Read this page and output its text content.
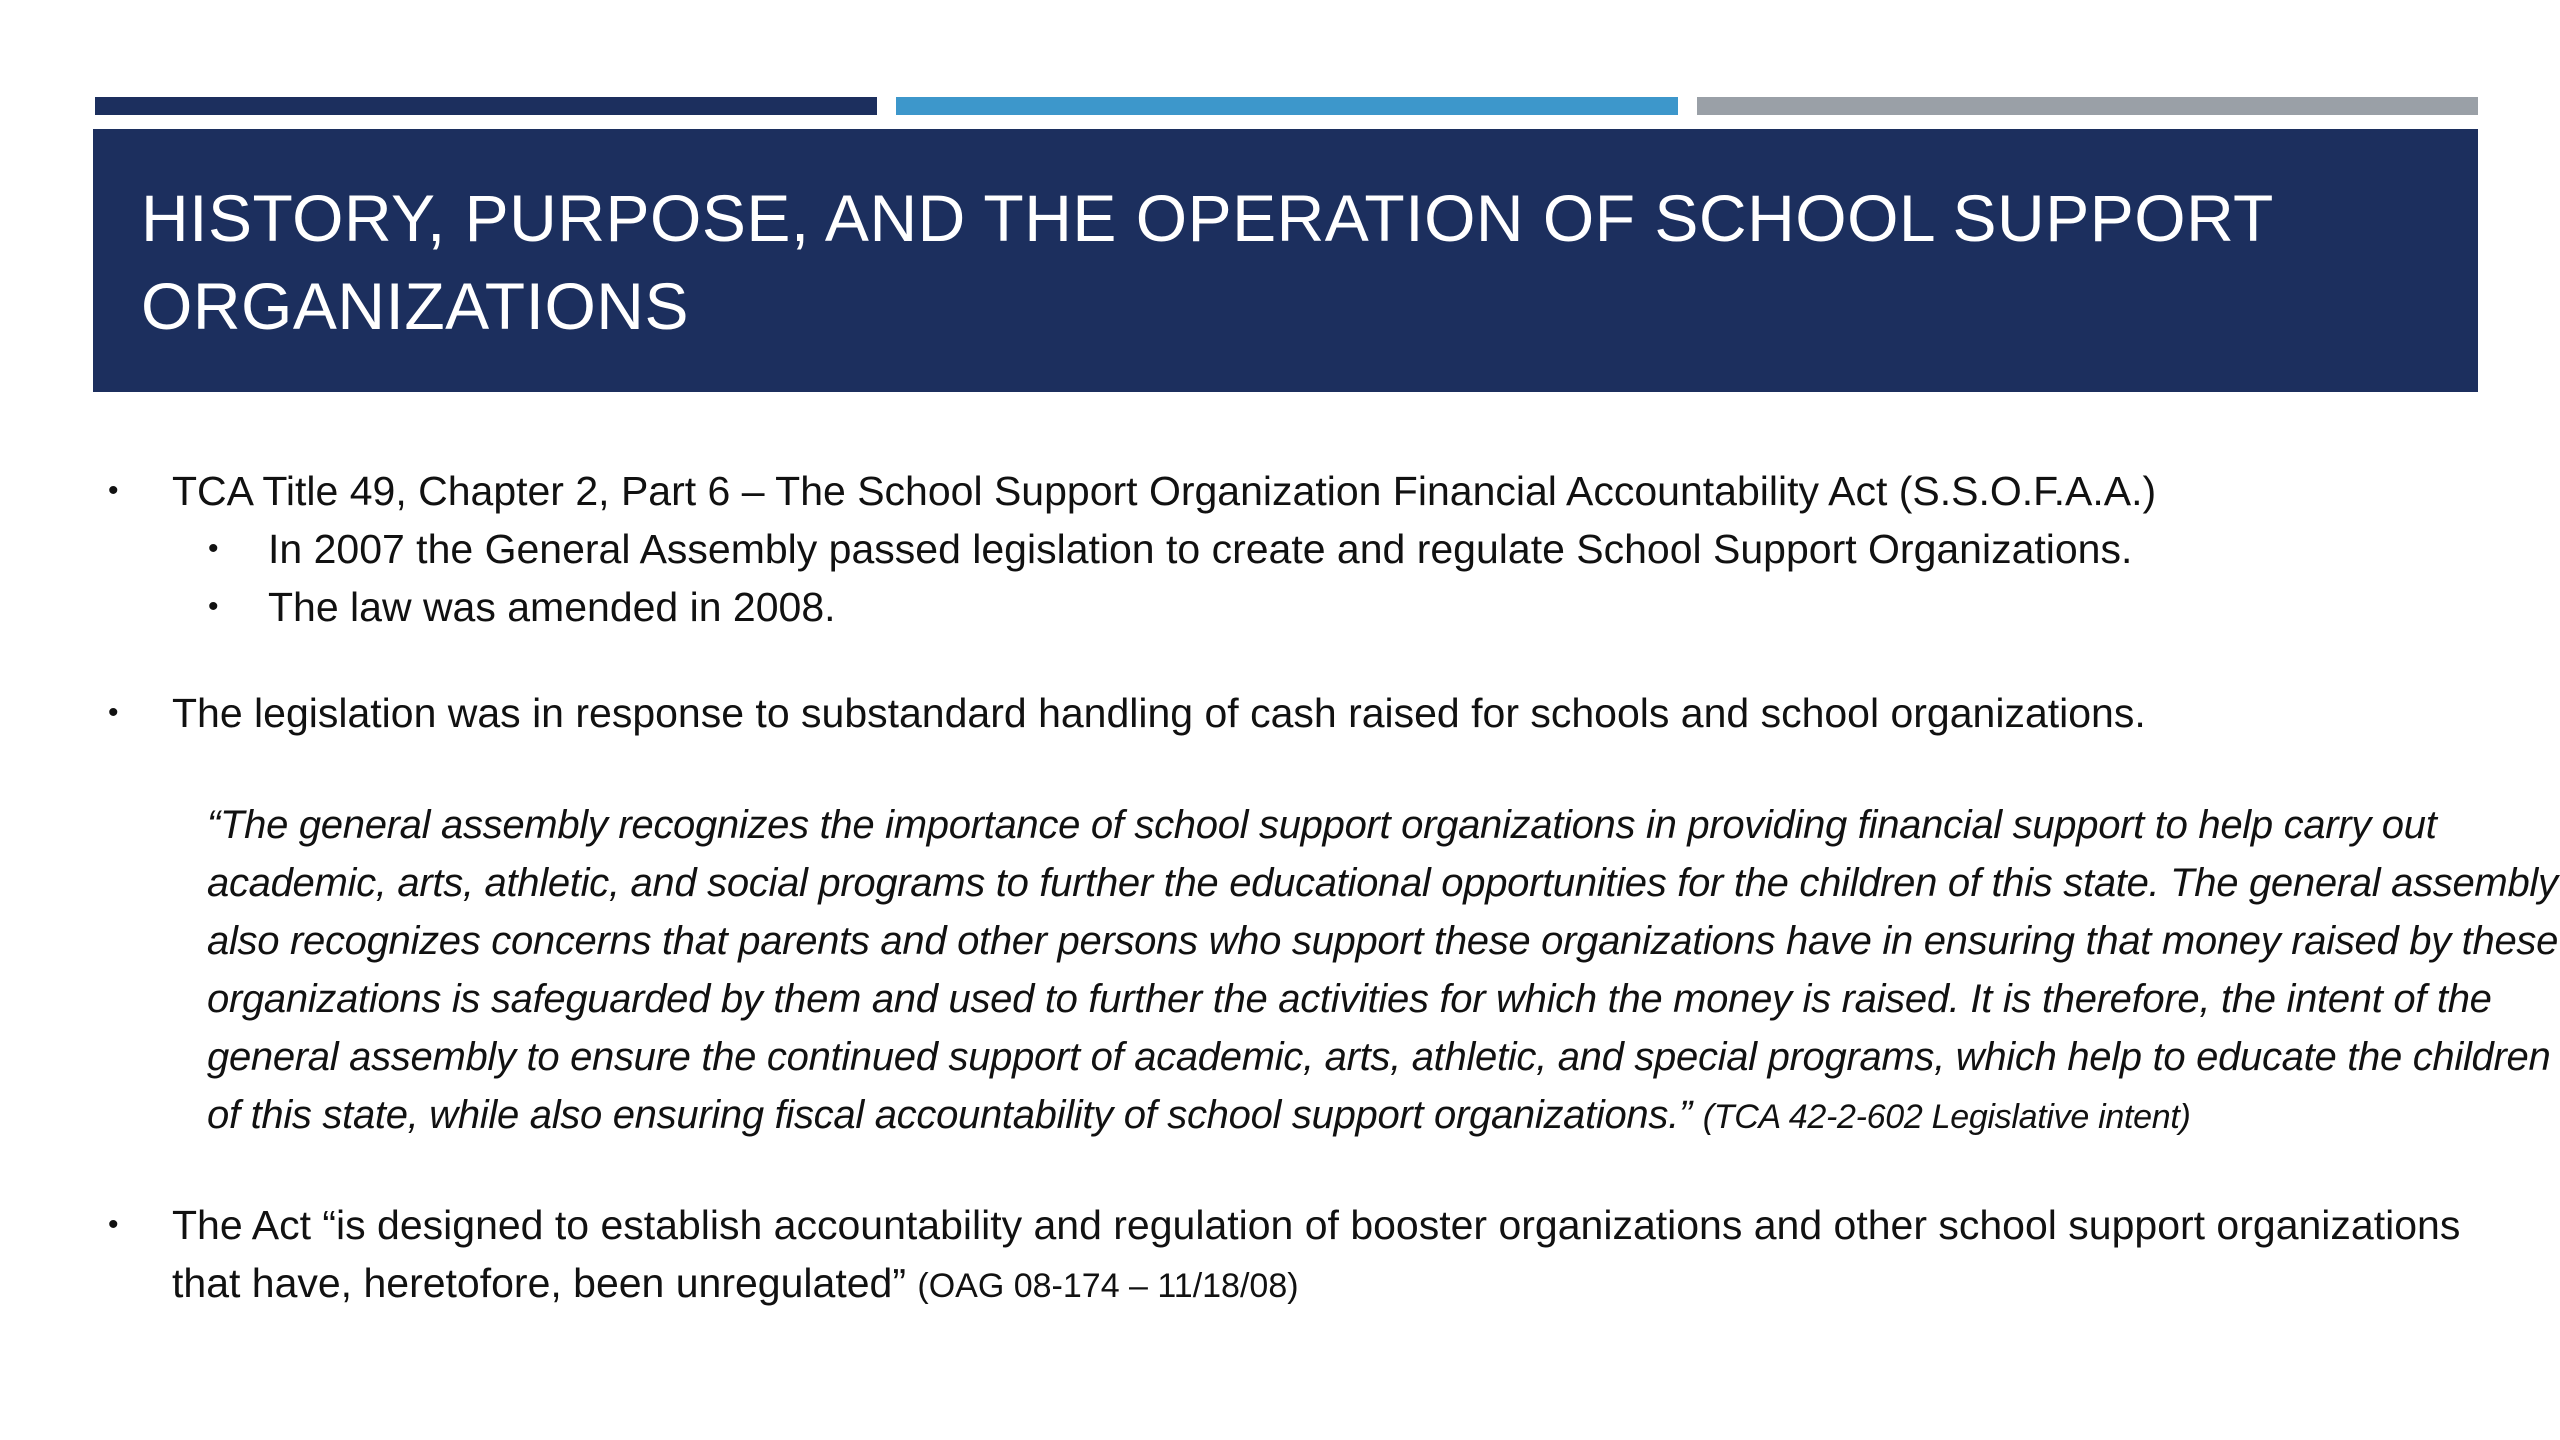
HISTORY, PURPOSE, AND THE OPERATION OF SCHOOL SUPPORT ORGANIZATIONS
• TCA Title 49, Chapter 2, Part 6 – The School Support Organization Financial Accountability Act (S.S.O.F.A.A.)
• In 2007 the General Assembly passed legislation to create and regulate School Support Organizations.
• The law was amended in 2008.
• The legislation was in response to substandard handling of cash raised for schools and school organizations.
“The general assembly recognizes the importance of school support organizations in providing financial support to help carry out academic, arts, athletic, and social programs to further the educational opportunities for the children of this state. The general assembly also recognizes concerns that parents and other persons who support these organizations have in ensuring that money raised by these organizations is safeguarded by them and used to further the activities for which the money is raised. It is therefore, the intent of the general assembly to ensure the continued support of academic, arts, athletic, and special programs, which help to educate the children of this state, while also ensuring fiscal accountability of school support organizations.” (TCA 42-2-602 Legislative intent)
• The Act “is designed to establish accountability and regulation of booster organizations and other school support organizations that have, heretofore, been unregulated” (OAG 08-174 – 11/18/08)
